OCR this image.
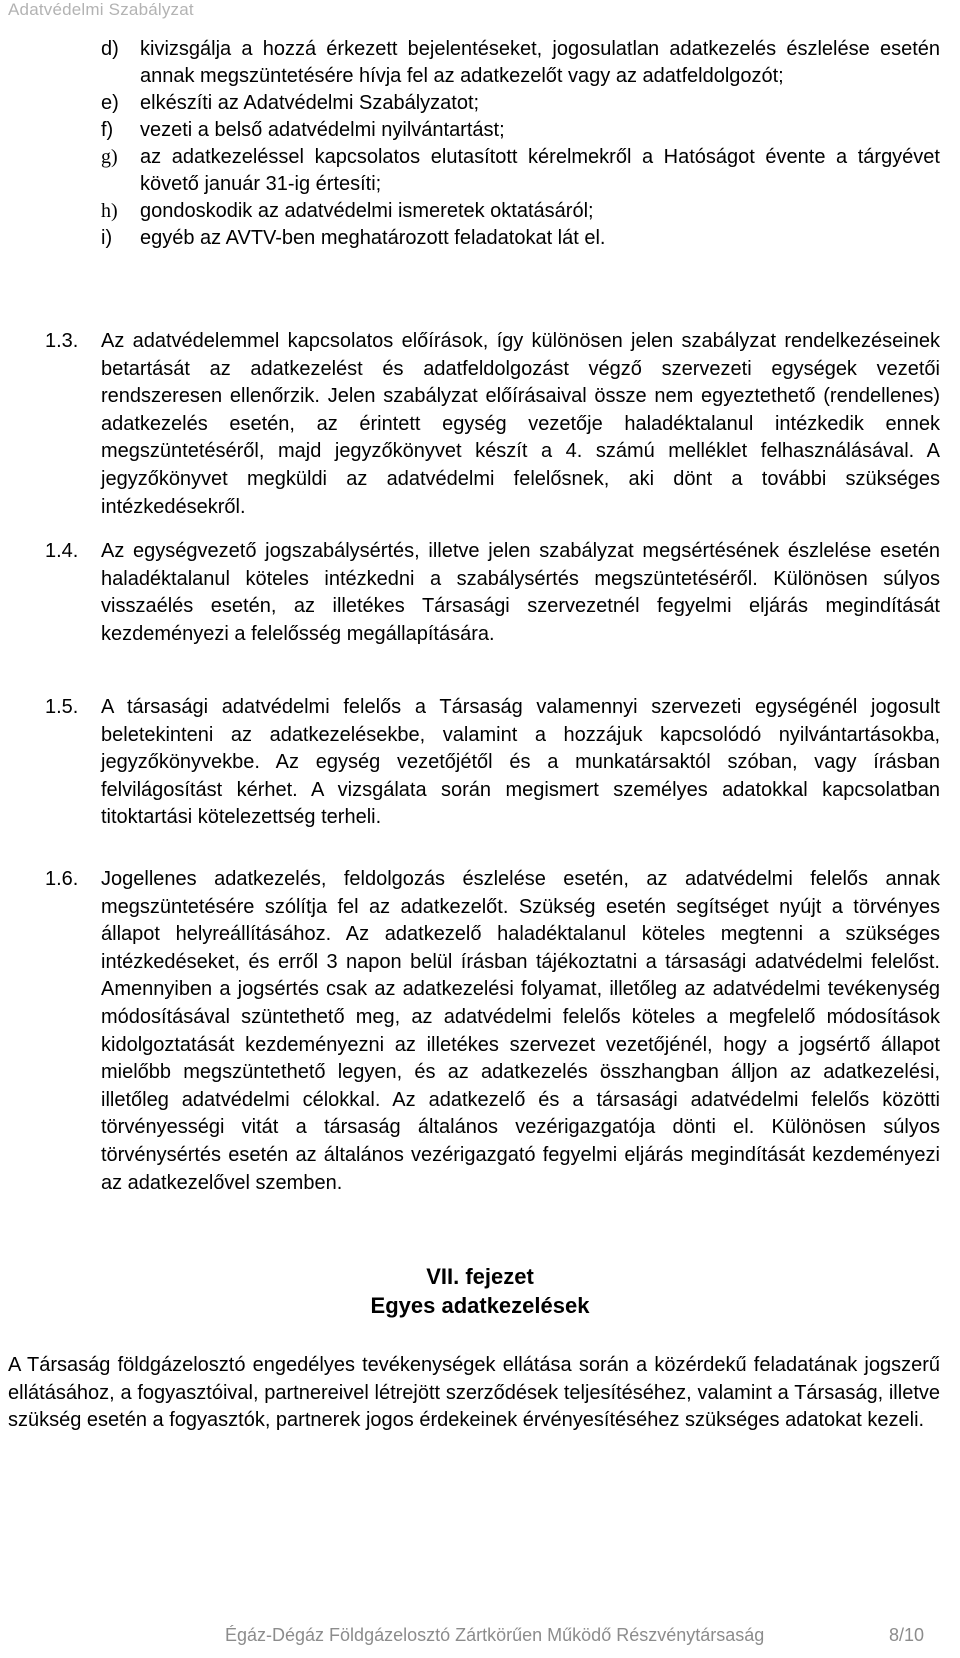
Adatvédelmi Szabályzat
d) kivizsgálja a hozzá érkezett bejelentéseket, jogosulatlan adatkezelés észlelése esetén annak megszüntetésére hívja fel az adatkezelőt vagy az adatfeldolgozót;
e) elkészíti az Adatvédelmi Szabályzatot;
f) vezeti a belső adatvédelmi nyilvántartást;
g) az adatkezeléssel kapcsolatos elutasított kérelmekről a Hatóságot évente a tárgyévet követő január 31-ig értesíti;
h) gondoskodik az adatvédelmi ismeretek oktatásáról;
i) egyéb az AVTV-ben meghatározott feladatokat lát el.
1.3. Az adatvédelemmel kapcsolatos előírások, így különösen jelen szabályzat rendelkezéseinek betartását az adatkezelést és adatfeldolgozást végző szervezeti egységek vezetői rendszeresen ellenőrzik. Jelen szabályzat előírásaival össze nem egyeztethető (rendellenes) adatkezelés esetén, az érintett egység vezetője haladéktalanul intézkedik ennek megszüntetéséről, majd jegyzőkönyvet készít a 4. számú melléklet felhasználásával. A jegyzőkönyvet megküldi az adatvédelmi felelősnek, aki dönt a további szükséges intézkedésekről.
1.4. Az egységvezető jogszabálysértés, illetve jelen szabályzat megsértésének észlelése esetén haladéktalanul köteles intézkedni a szabálysértés megszüntetéséről. Különösen súlyos visszaélés esetén, az illetékes Társasági szervezetnél fegyelmi eljárás megindítását kezdeményezi a felelősség megállapítására.
1.5. A társasági adatvédelmi felelős a Társaság valamennyi szervezeti egységénél jogosult beletekinteni az adatkezelésekbe, valamint a hozzájuk kapcsolódó nyilvántartásokba, jegyzőkönyvekbe. Az egység vezetőjétől és a munkatársaktól szóban, vagy írásban felvilágosítást kérhet. A vizsgálata során megismert személyes adatokkal kapcsolatban titoktartási kötelezettség terheli.
1.6. Jogellenes adatkezelés, feldolgozás észlelése esetén, az adatvédelmi felelős annak megszüntetésére szólítja fel az adatkezelőt. Szükség esetén segítséget nyújt a törvényes állapot helyreállításához. Az adatkezelő haladéktalanul köteles megtenni a szükséges intézkedéseket, és erről 3 napon belül írásban tájékoztatni a társasági adatvédelmi felelőst. Amennyiben a jogsértés csak az adatkezelési folyamat, illetőleg az adatvédelmi tevékenység módosításával szüntethető meg, az adatvédelmi felelős köteles a megfelelő módosítások kidolgoztatását kezdeményezni az illetékes szervezet vezetőjénél, hogy a jogsértő állapot mielőbb megszüntethető legyen, és az adatkezelés összhangban álljon az adatkezelési, illetőleg adatvédelmi célokkal. Az adatkezelő és a társasági adatvédelmi felelős közötti törvényességi vitát a társaság általános vezérigazgatója dönti el. Különösen súlyos törvénysértés esetén az általános vezérigazgató fegyelmi eljárás megindítását kezdeményezi az adatkezelővel szemben.
VII. fejezet
Egyes adatkezelések
A Társaság földgázelosztó engedélyes tevékenységek ellátása során a közérdekű feladatának jogszerű ellátásához, a fogyasztóival, partnereivel létrejött szerződések teljesítéséhez, valamint a Társaság, illetve szükség esetén a fogyasztók, partnerek jogos érdekeinek érvényesítéséhez szükséges adatokat kezeli.
Égáz-Dégáz Földgázelosztó Zártkörűen Működő Részvénytársaság	8/10
